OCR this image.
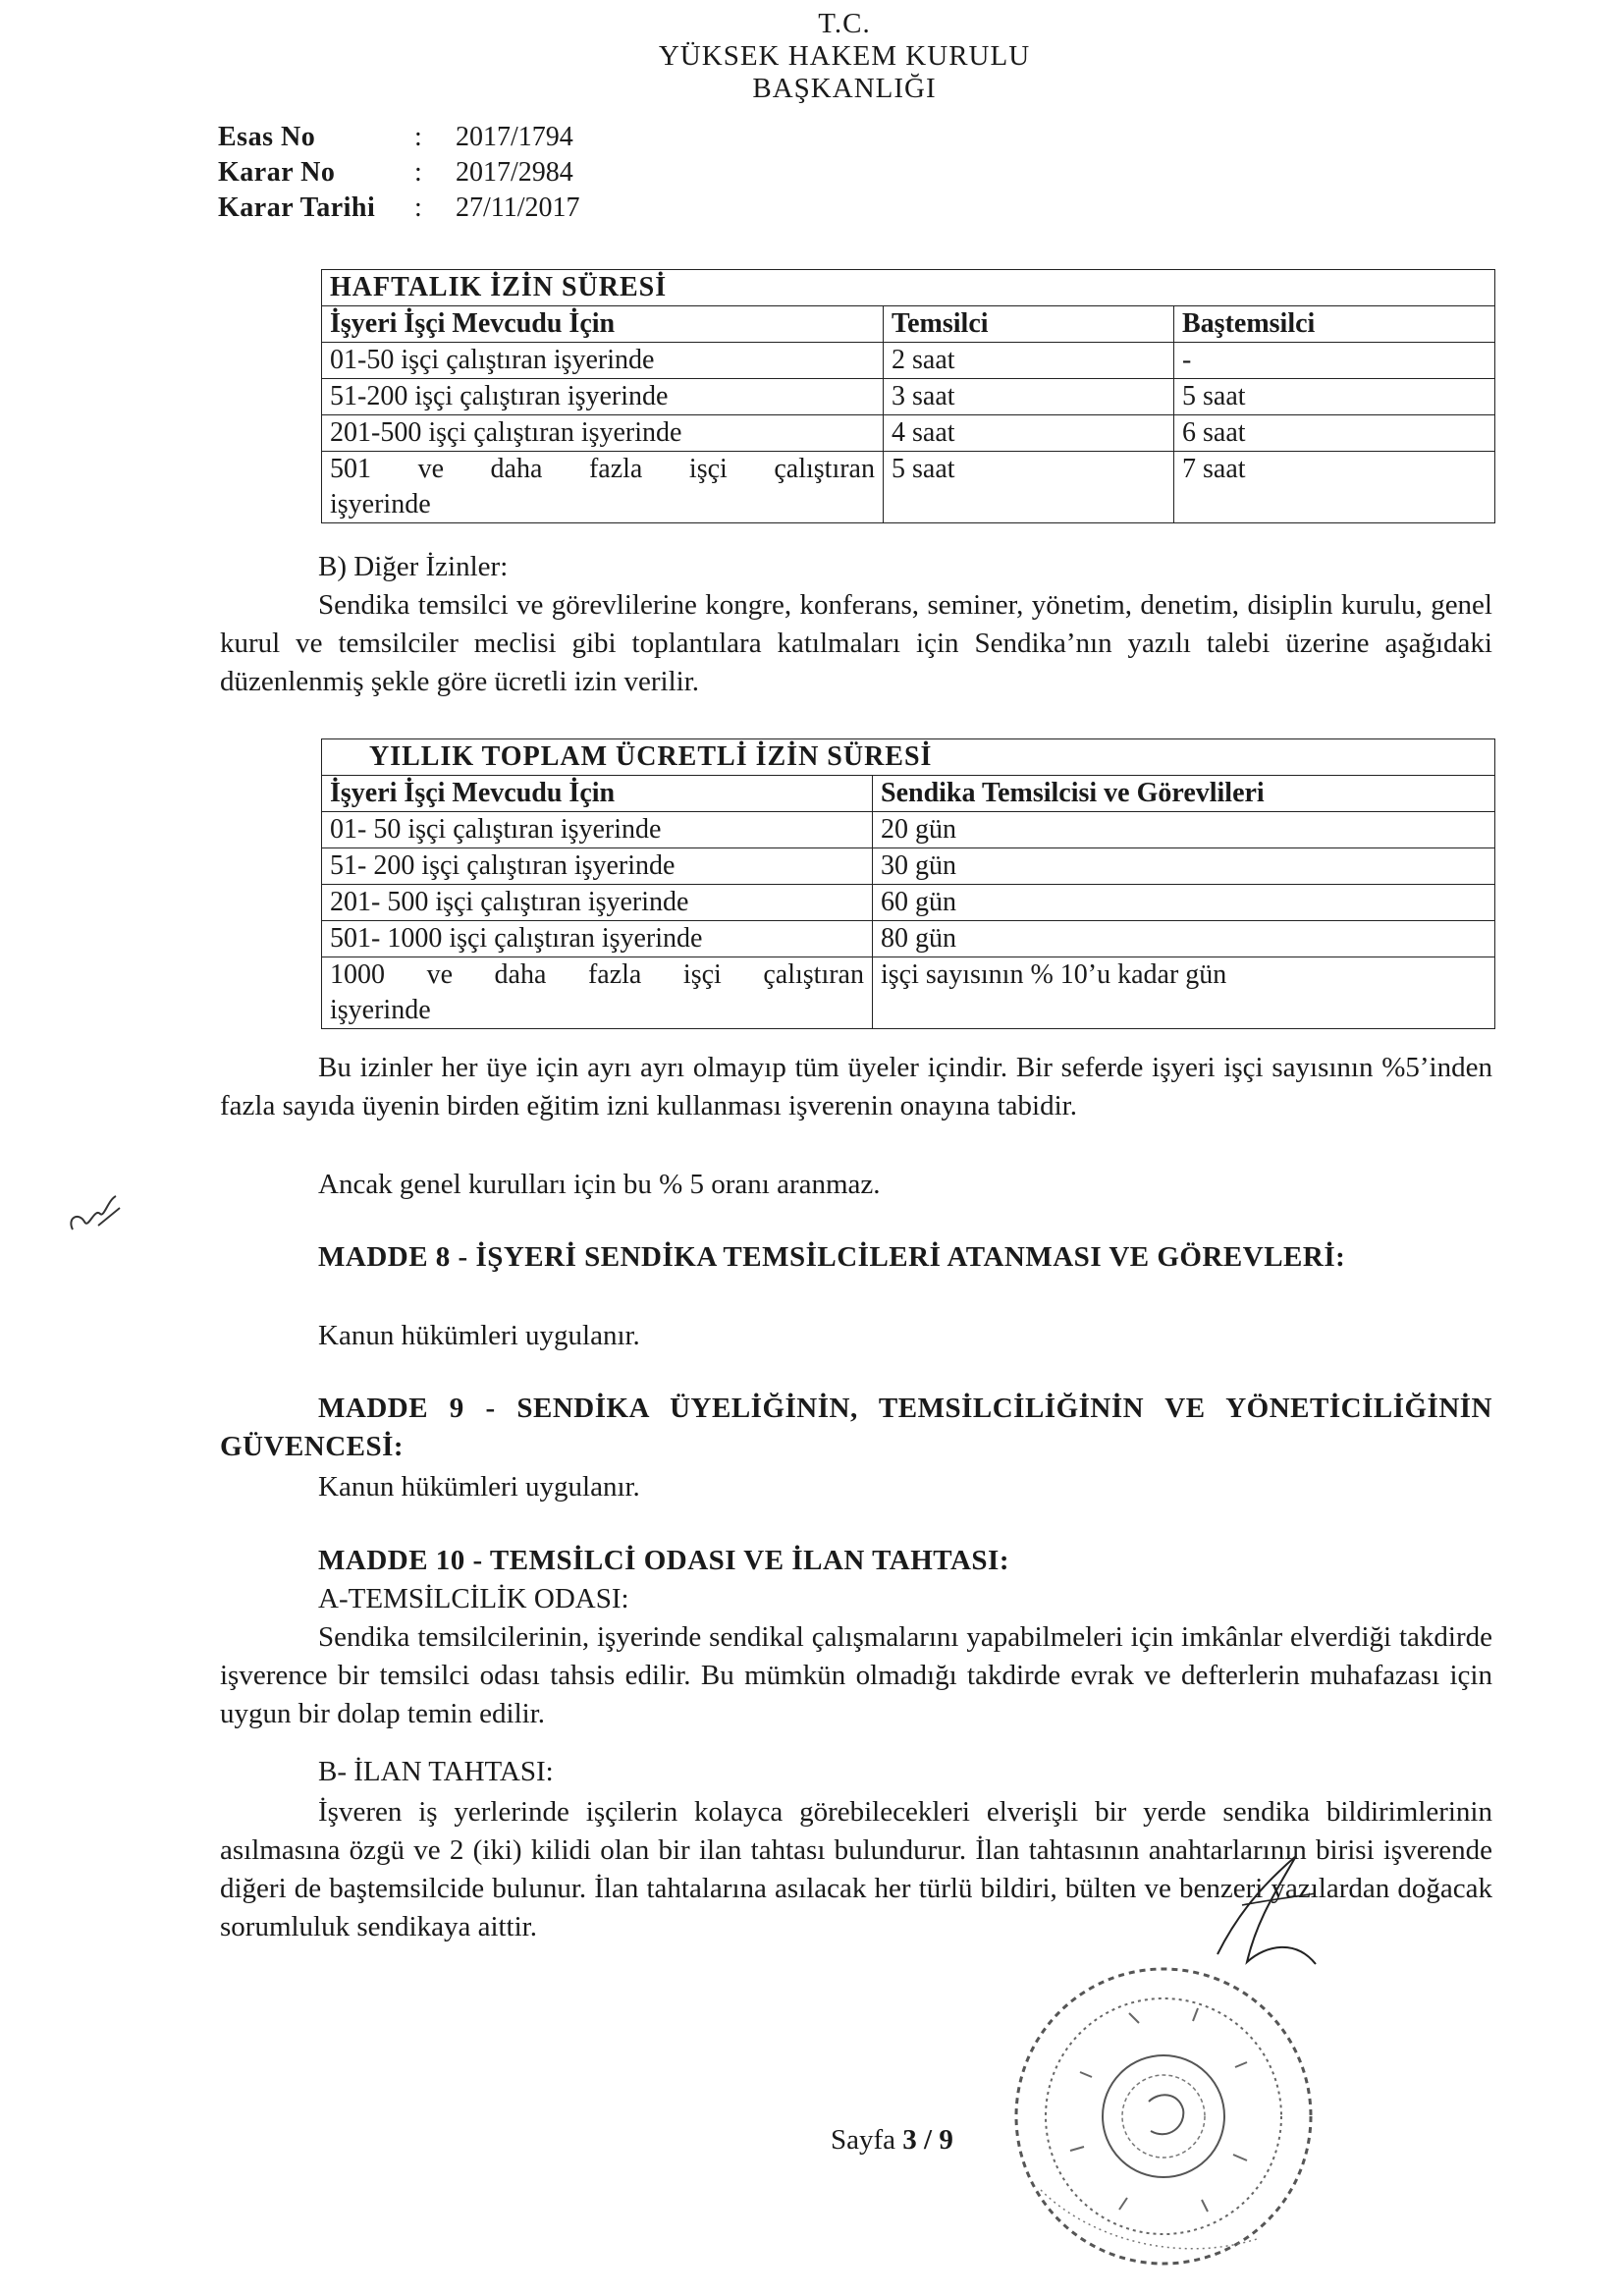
T.C.
YÜKSEK HAKEM KURULU
BAŞKANLIĞI
Esas No	:	2017/1794
Karar No	:	2017/2984
Karar Tarihi	:	27/11/2017
HAFTALIK İZİN SÜRESİ		
İşyeri İşçi Mevcudu İçin	Temsilci	Baştemsilci
01-50 işçi çalıştıran işyerinde	2 saat	-
51-200 işçi çalıştıran işyerinde	3 saat	5 saat
201-500 işçi çalıştıran işyerinde	4 saat	6 saat

501 ve daha fazla işçi çalıştıran
işyerinde	5 saat	7 saat

B) Diğer İzinler:

Sendika temsilci ve görevlilerine kongre, konferans, seminer, yönetim, denetim, disiplin kurulu, genel kurul ve temsilciler meclisi gibi toplantılara katılmaları için Sendika’nın yazılı talebi üzerine aşağıdaki düzenlenmiş şekle göre ücretli izin verilir.

YILLIK TOPLAM ÜCRETLİ İZİN SÜRESİ	
İşyeri İşçi Mevcudu İçin	Sendika Temsilcisi ve Görevlileri
01- 50 işçi çalıştıran işyerinde	20 gün
51- 200 işçi çalıştıran işyerinde	30 gün
201- 500 işçi çalıştıran işyerinde	60 gün
501- 1000 işçi çalıştıran işyerinde	80 gün

1000 ve daha fazla işçi çalıştıran
işyerinde	işçi sayısının % 10’u kadar gün

Bu izinler her üye için ayrı ayrı olmayıp tüm üyeler içindir. Bir seferde işyeri işçi sayısının %5’inden fazla sayıda üyenin birden eğitim izni kullanması işverenin onayına tabidir.

Ancak genel kurulları için bu % 5 oranı aranmaz.

MADDE 8 - İŞYERİ SENDİKA TEMSİLCİLERİ ATANMASI VE GÖREVLERİ:

Kanun hükümleri uygulanır.

MADDE 9 - SENDİKA ÜYELİĞİNİN, TEMSİLCİLİĞİNİN VE YÖNETİCİLİĞİNİN GÜVENCESİ:

Kanun hükümleri uygulanır.

MADDE 10 - TEMSİLCİ ODASI VE İLAN TAHTASI:

A-TEMSİLCİLİK ODASI:

Sendika temsilcilerinin, işyerinde sendikal çalışmalarını yapabilmeleri için imkânlar elverdiği takdirde işverence bir temsilci odası tahsis edilir. Bu mümkün olmadığı takdirde evrak ve defterlerin muhafazası için uygun bir dolap temin edilir.

B- İLAN TAHTASI:

İşveren iş yerlerinde işçilerin kolayca görebilecekleri elverişli bir yerde sendika bildirimlerinin asılmasına özgü ve 2 (iki) kilidi olan bir ilan tahtası bulundurur. İlan tahtasının anahtarlarının birisi işverende diğeri de baştemsilcide bulunur. İlan tahtalarına asılacak her türlü bildiri, bülten ve benzeri yazılardan doğacak sorumluluk sendikaya aittir.

Sayfa 3 / 9
